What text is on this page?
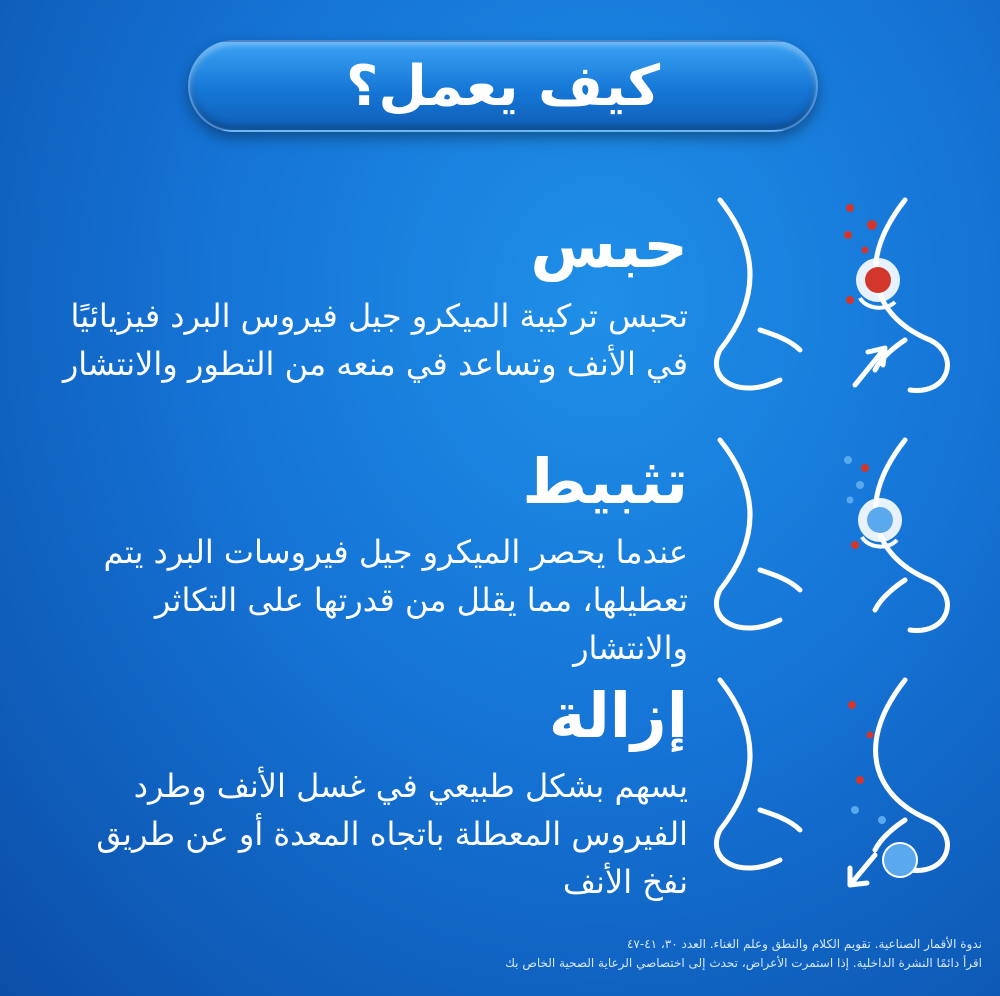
كيف يعمل؟
حبس

تحبس تركيبة الميكرو جيل فيروس البرد فيزيائيًا في الأنف وتساعد في منعه من التطور والانتشار

تثبيط

عندما يحصر الميكرو جيل فيروسات البرد يتم تعطيلها، مما يقلل من قدرتها على التكاثر والانتشار

إزالة

يسهم بشكل طبيعي في غسل الأنف وطرد الفيروس المعطلة باتجاه المعدة أو عن طريق نفخ الأنف

ندوة الأقمار الصناعية. تقويم الكلام والنطق وعلم الغناء. العدد ٣٠، ٤١-٤٧
اقرأ دائمًا النشرة الداخلية. إذا استمرت الأعراض، تحدث إلى اختصاصي الرعاية الصحية الخاص بك
